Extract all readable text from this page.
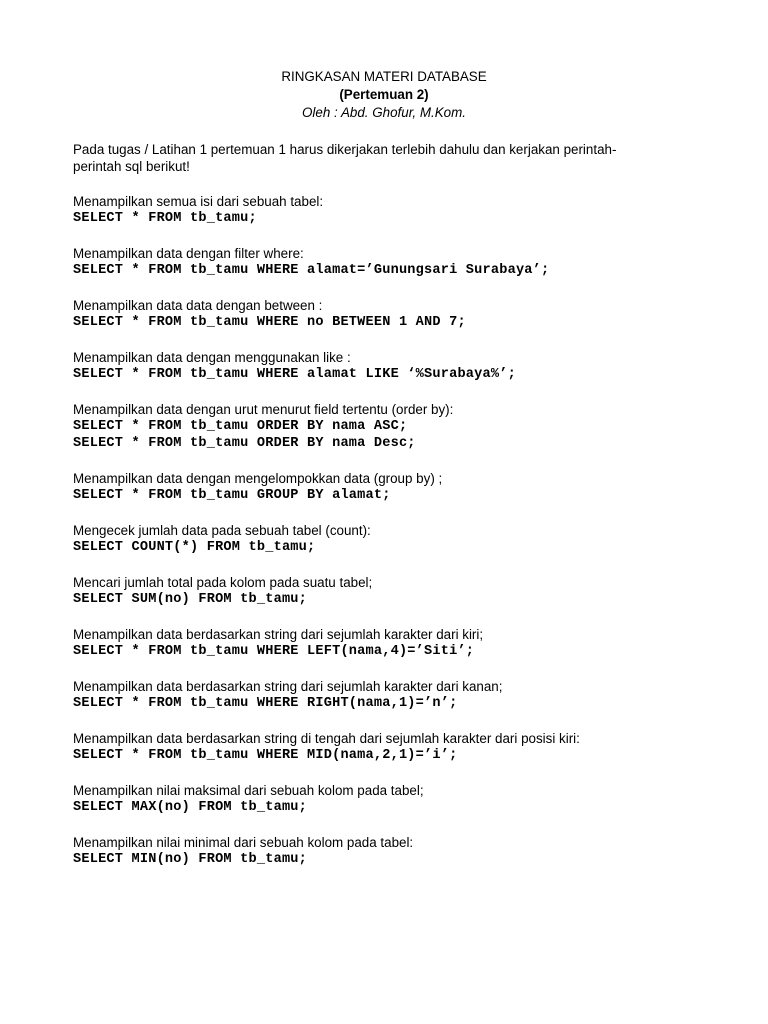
RINGKASAN MATERI DATABASE
(Pertemuan 2)
Oleh : Abd. Ghofur, M.Kom.
Pada tugas / Latihan 1 pertemuan 1 harus dikerjakan terlebih dahulu dan kerjakan perintah-
perintah sql berikut!
Menampilkan semua isi dari sebuah tabel:
SELECT * FROM tb_tamu;
Menampilkan data dengan filter where:
SELECT * FROM tb_tamu WHERE alamat=’Gunungsari Surabaya’;
Menampilkan data data dengan between :
SELECT * FROM tb_tamu WHERE no BETWEEN 1 AND 7;
Menampilkan data dengan menggunakan like :
SELECT * FROM tb_tamu WHERE alamat LIKE ‘%Surabaya%’;
Menampilkan data dengan urut menurut field tertentu (order by):
SELECT * FROM tb_tamu ORDER BY nama ASC;
SELECT * FROM tb_tamu ORDER BY nama Desc;
Menampilkan data dengan mengelompokkan data (group by) ;
SELECT * FROM tb_tamu GROUP BY alamat;
Mengecek jumlah data pada sebuah tabel (count):
SELECT COUNT(*) FROM tb_tamu;
Mencari jumlah total pada kolom pada suatu tabel;
SELECT SUM(no) FROM tb_tamu;
Menampilkan data berdasarkan string dari sejumlah karakter dari kiri;
SELECT * FROM tb_tamu WHERE LEFT(nama,4)=’Siti’;
Menampilkan data berdasarkan string dari sejumlah karakter dari kanan;
SELECT * FROM tb_tamu WHERE RIGHT(nama,1)=’n’;
Menampilkan data berdasarkan string di tengah dari sejumlah karakter dari posisi kiri:
SELECT * FROM tb_tamu WHERE MID(nama,2,1)=’i’;
Menampilkan nilai maksimal dari sebuah kolom pada tabel;
SELECT MAX(no) FROM tb_tamu;
Menampilkan nilai minimal dari sebuah kolom pada tabel:
SELECT MIN(no) FROM tb_tamu;
